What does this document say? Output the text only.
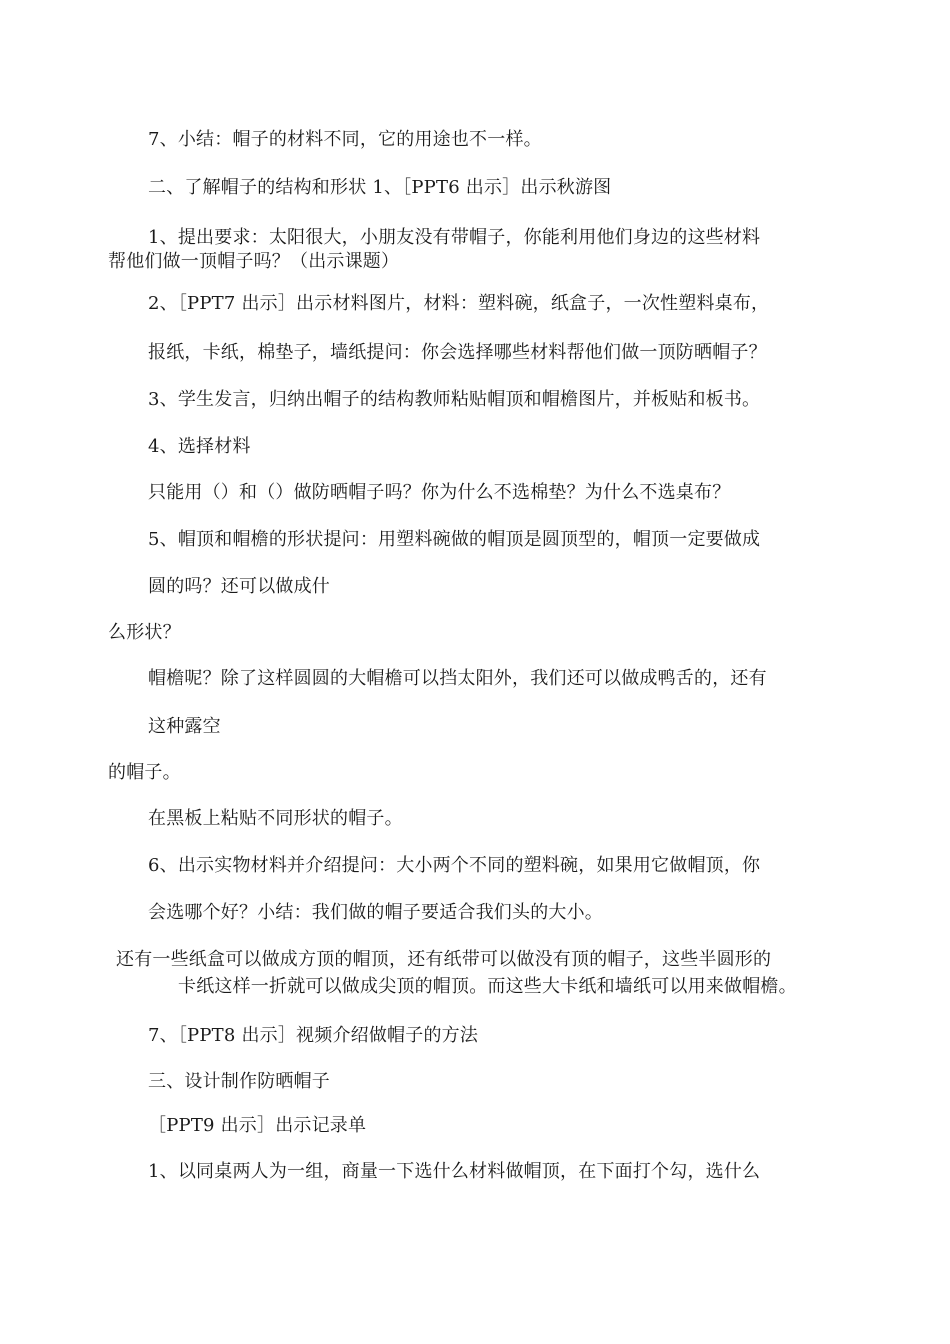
7、小结：帽子的材料不同，它的用途也不一样。
二、了解帽子的结构和形状 1、［PPT6 出示］出示秋游图
1、提出要求：太阳很大，小朋友没有带帽子，你能利用他们身边的这些材料
帮他们做一顶帽子吗？（出示课题）
2、［PPT7 出示］出示材料图片，材料：塑料碗，纸盒子，一次性塑料桌布，
报纸，卡纸，棉垫子，墙纸提问：你会选择哪些材料帮他们做一顶防晒帽子？
3、学生发言，归纳出帽子的结构教师粘贴帽顶和帽檐图片，并板贴和板书。
4、选择材料
只能用（）和（）做防晒帽子吗？你为什么不选棉垫？为什么不选桌布？
5、帽顶和帽檐的形状提问：用塑料碗做的帽顶是圆顶型的，帽顶一定要做成
圆的吗？还可以做成什
么形状？
帽檐呢？除了这样圆圆的大帽檐可以挡太阳外，我们还可以做成鸭舌的，还有
这种露空
的帽子。
在黑板上粘贴不同形状的帽子。
6、出示实物材料并介绍提问：大小两个不同的塑料碗，如果用它做帽顶，你
会选哪个好？小结：我们做的帽子要适合我们头的大小。
还有一些纸盒可以做成方顶的帽顶，还有纸带可以做没有顶的帽子，这些半圆形的
卡纸这样一折就可以做成尖顶的帽顶。而这些大卡纸和墙纸可以用来做帽檐。
7、［PPT8 出示］视频介绍做帽子的方法
三、设计制作防晒帽子
［PPT9 出示］出示记录单
1、以同桌两人为一组，商量一下选什么材料做帽顶，在下面打个勾，选什么
